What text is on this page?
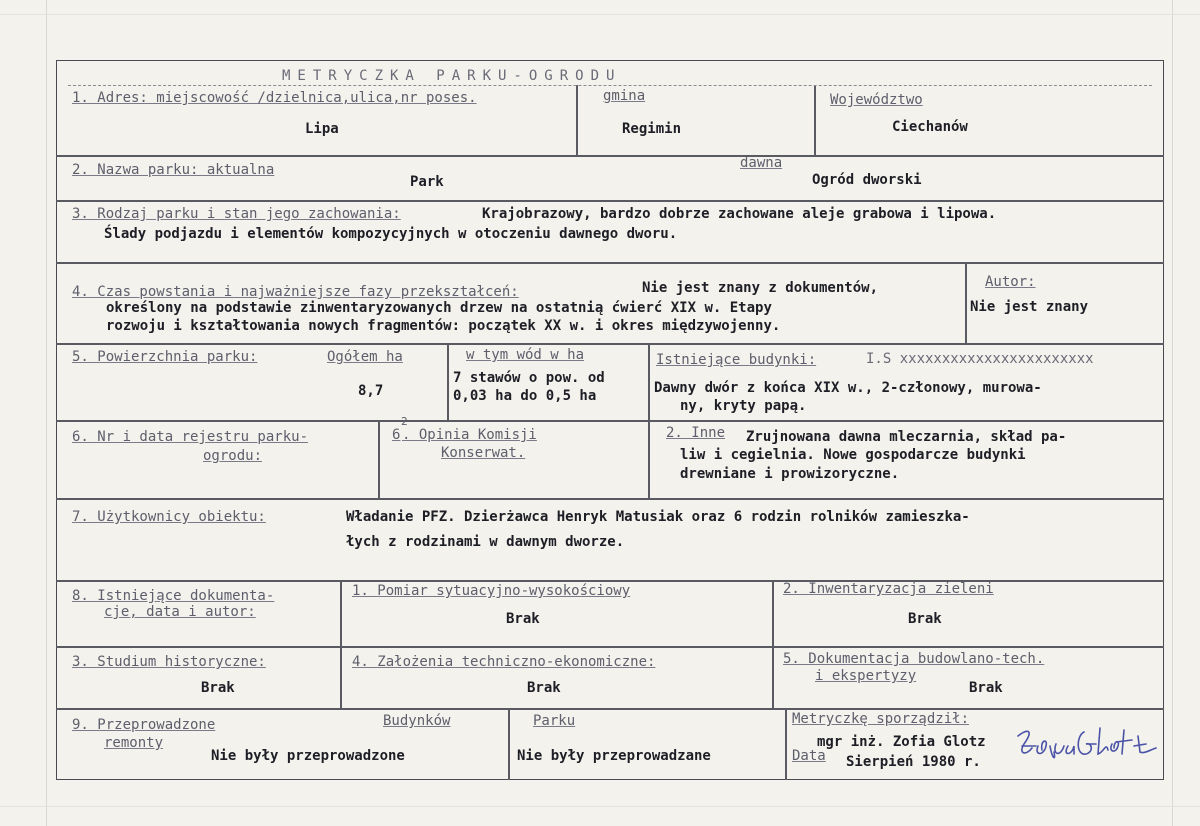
METRYCZKA PARKU-OGRODU
1. Adres: miejscowość /dzielnica,ulica,nr poses.
Lipa
gmina
Regimin
Województwo
Ciechanów
2. Nazwa parku: aktualna
Park
dawna
Ogród dworski
3. Rodzaj parku i stan jego zachowania:	Krajobrazowy, bardzo dobrze zachowane aleje grabowa i lipowa.
Ślady podjazdu i elementów kompozycyjnych w otoczeniu dawnego dworu.
4. Czas powstania i najważniejsze fazy przekształceń:	Nie jest znany z dokumentów,
określony na podstawie zinwentaryzowanych drzew na ostatnią ćwierć XIX w. Etapy
rozwoju i kształtowania nowych fragmentów: początek XX w. i okres międzywojenny.
Autor:
Nie jest znany
5. Powierzchnia parku:	Ogółem ha
8,7
w tym wód w ha
7 stawów o pow. od
0,03 ha do 0,5 ha
Istniejące budynki:	I.S xxxxxxxxxxxxxxxxxxxxxxx
Dawny dwór z końca XIX w., 2-członowy, murowa-
ny, kryty papą.
6. Nr i data rejestru parku-
ogrodu:
6
2
. Opinia Komisji
Konserwat.
2. Inne Zrujnowana dawna mleczarnia, skład pa-
liw i cegielnia. Nowe gospodarcze budynki
drewniane i prowizoryczne.
7. Użytkownicy obiektu:	Władanie PFZ. Dzierżawca Henryk Matusiak oraz 6 rodzin rolników zamieszka-
łych z rodzinami w dawnym dworze.
8. Istniejące dokumenta-
cje, data i autor:
1. Pomiar sytuacyjno-wysokościowy
Brak
2. Inwentaryzacja zieleni
Brak
3. Studium historyczne:
Brak
4. Założenia techniczno-ekonomiczne:
Brak
5. Dokumentacja budowlano-tech.
i ekspertyzy
Brak
9. Przeprowadzone
remonty
Budynków
Nie były przeprowadzone
Parku
Nie były przeprowadzane
Metryczkę sporządził:
mgr inż. Zofia Glotz
Data Sierpień 1980 r.
